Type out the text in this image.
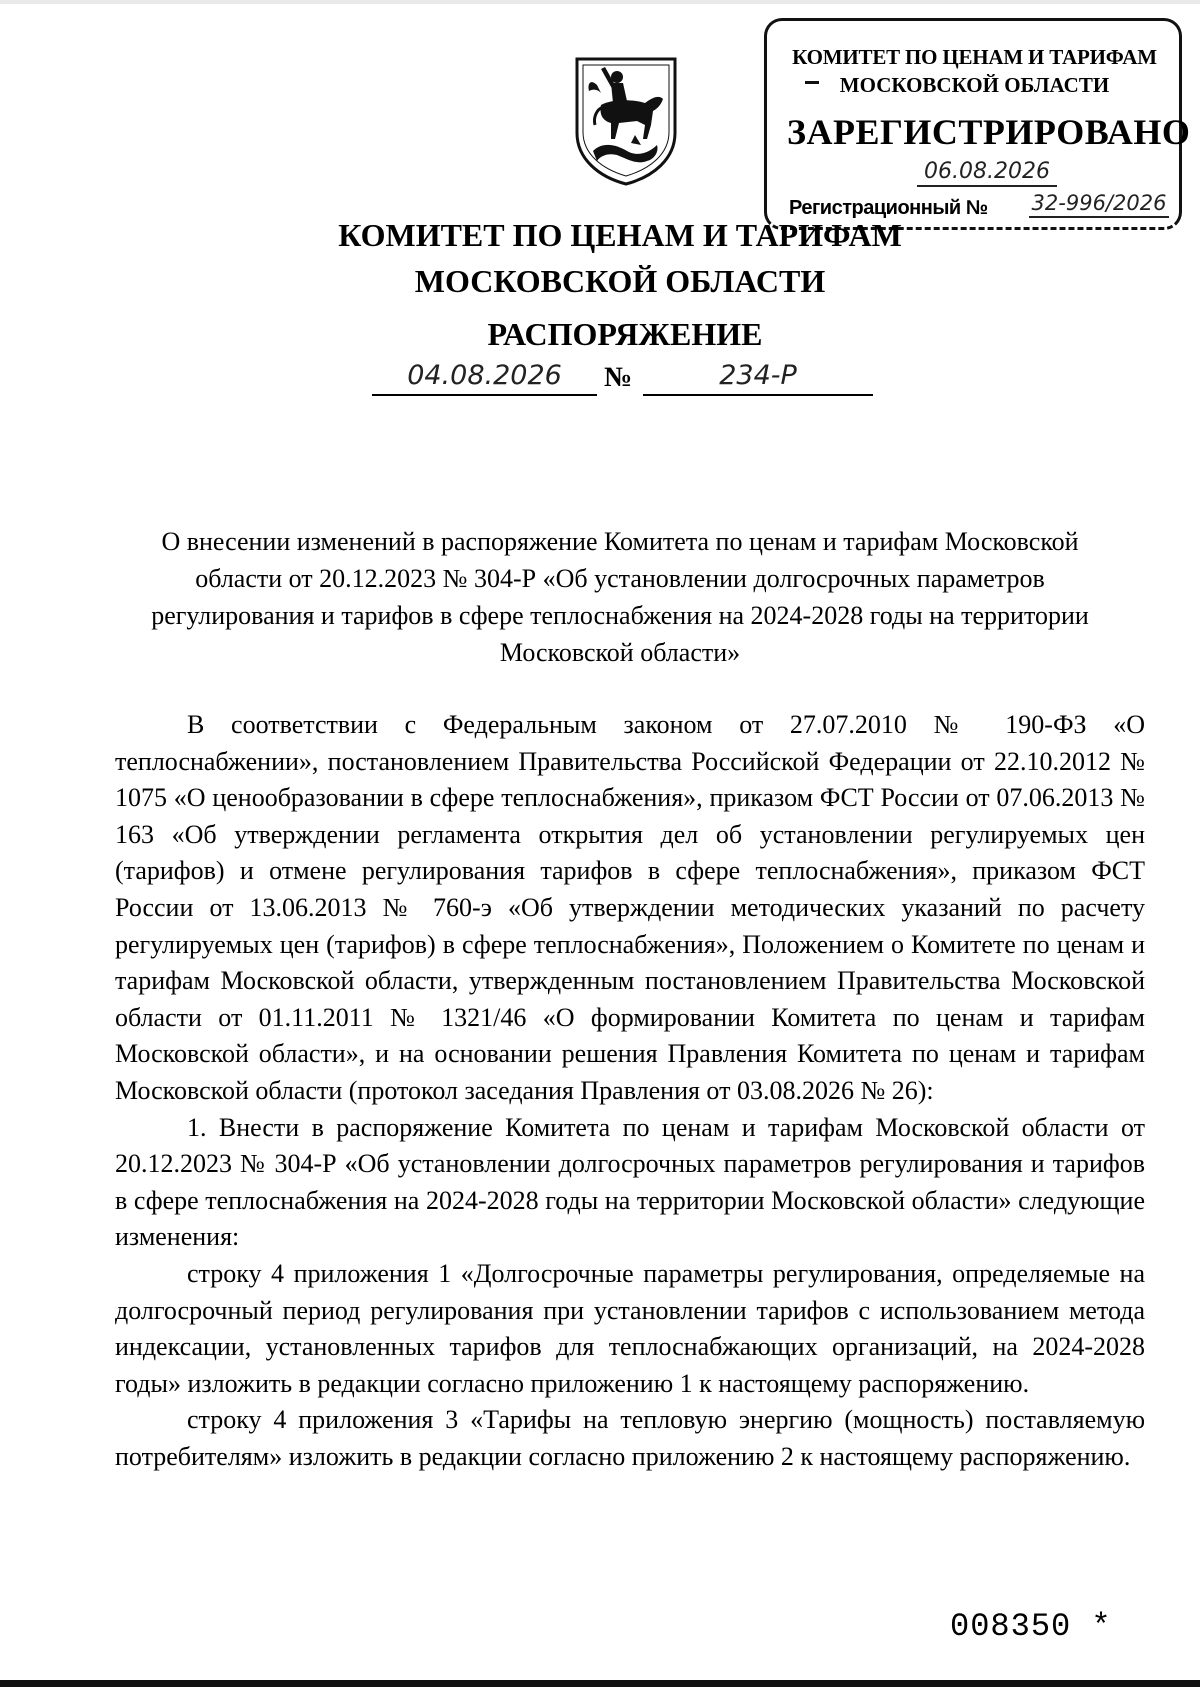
КОМИТЕТ ПО ЦЕНАМ И ТАРИФАМ
МОСКОВСКОЙ ОБЛАСТИ
ЗАРЕГИСТРИРОВАНО
06.08.2026
Регистрационный № 32-996/2026
КОМИТЕТ ПО ЦЕНАМ И ТАРИФАМ
МОСКОВСКОЙ ОБЛАСТИ
РАСПОРЯЖЕНИЕ
04.08.2026	№	234-Р
О внесении изменений в распоряжение Комитета по ценам и тарифам Московской области от 20.12.2023 № 304-Р «Об установлении долгосрочных параметров регулирования и тарифов в сфере теплоснабжения на 2024-2028 годы на территории Московской области»

В соответствии с Федеральным законом от 27.07.2010 № 190-ФЗ «О теплоснабжении», постановлением Правительства Российской Федерации от 22.10.2012 № 1075 «О ценообразовании в сфере теплоснабжения», приказом ФСТ России от 07.06.2013 № 163 «Об утверждении регламента открытия дел об установлении регулируемых цен (тарифов) и отмене регулирования тарифов в сфере теплоснабжения», приказом ФСТ России от 13.06.2013 № 760-э «Об утверждении методических указаний по расчету регулируемых цен (тарифов) в сфере теплоснабжения», Положением о Комитете по ценам и тарифам Московской области, утвержденным постановлением Правительства Московской области от 01.11.2011 № 1321/46 «О формировании Комитета по ценам и тарифам Московской области», и на основании решения Правления Комитета по ценам и тарифам Московской области (протокол заседания Правления от 03.08.2026 № 26):

1. Внести в распоряжение Комитета по ценам и тарифам Московской области от 20.12.2023 № 304-Р «Об установлении долгосрочных параметров регулирования и тарифов в сфере теплоснабжения на 2024-2028 годы на территории Московской области» следующие изменения:

строку 4 приложения 1 «Долгосрочные параметры регулирования, определяемые на долгосрочный период регулирования при установлении тарифов с использованием метода индексации, установленных тарифов для теплоснабжающих организаций, на 2024-2028 годы» изложить в редакции согласно приложению 1 к настоящему распоряжению.

строку 4 приложения 3 «Тарифы на тепловую энергию (мощность) поставляемую потребителям» изложить в редакции согласно приложению 2 к настоящему распоряжению.

008350 *
